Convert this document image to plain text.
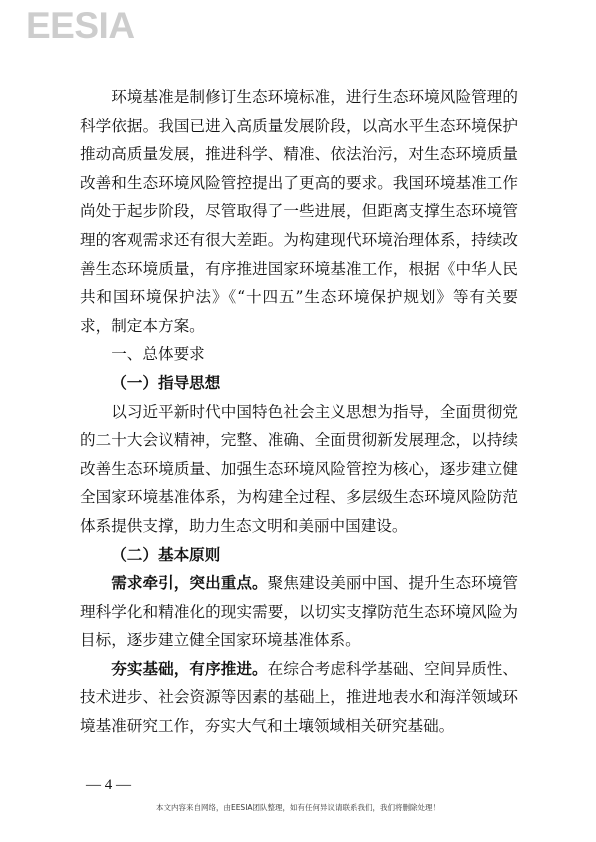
EESIA

环境基准是制修订生态环境标准，进行生态环境风险管理的科学依据。我国已进入高质量发展阶段，以高水平生态环境保护推动高质量发展，推进科学、精准、依法治污，对生态环境质量改善和生态环境风险管控提出了更高的要求。我国环境基准工作尚处于起步阶段，尽管取得了一些进展，但距离支撑生态环境管理的客观需求还有很大差距。为构建现代环境治理体系，持续改善生态环境质量，有序推进国家环境基准工作，根据《中华人民共和国环境保护法》《“十四五”生态环境保护规划》等有关要求，制定本方案。

一、总体要求

（一）指导思想

以习近平新时代中国特色社会主义思想为指导，全面贯彻党的二十大会议精神，完整、准确、全面贯彻新发展理念，以持续改善生态环境质量、加强生态环境风险管控为核心，逐步建立健全国家环境基准体系，为构建全过程、多层级生态环境风险防范体系提供支撑，助力生态文明和美丽中国建设。

（二）基本原则

需求牵引，突出重点。聚焦建设美丽中国、提升生态环境管理科学化和精准化的现实需要，以切实支撑防范生态环境风险为目标，逐步建立健全国家环境基准体系。

夯实基础，有序推进。在综合考虑科学基础、空间异质性、技术进步、社会资源等因素的基础上，推进地表水和海洋领域环境基准研究工作，夯实大气和土壤领域相关研究基础。

— 4 —
本文内容来自网络，由EESIA团队整理，如有任何异议请联系我们，我们将删除处理！
